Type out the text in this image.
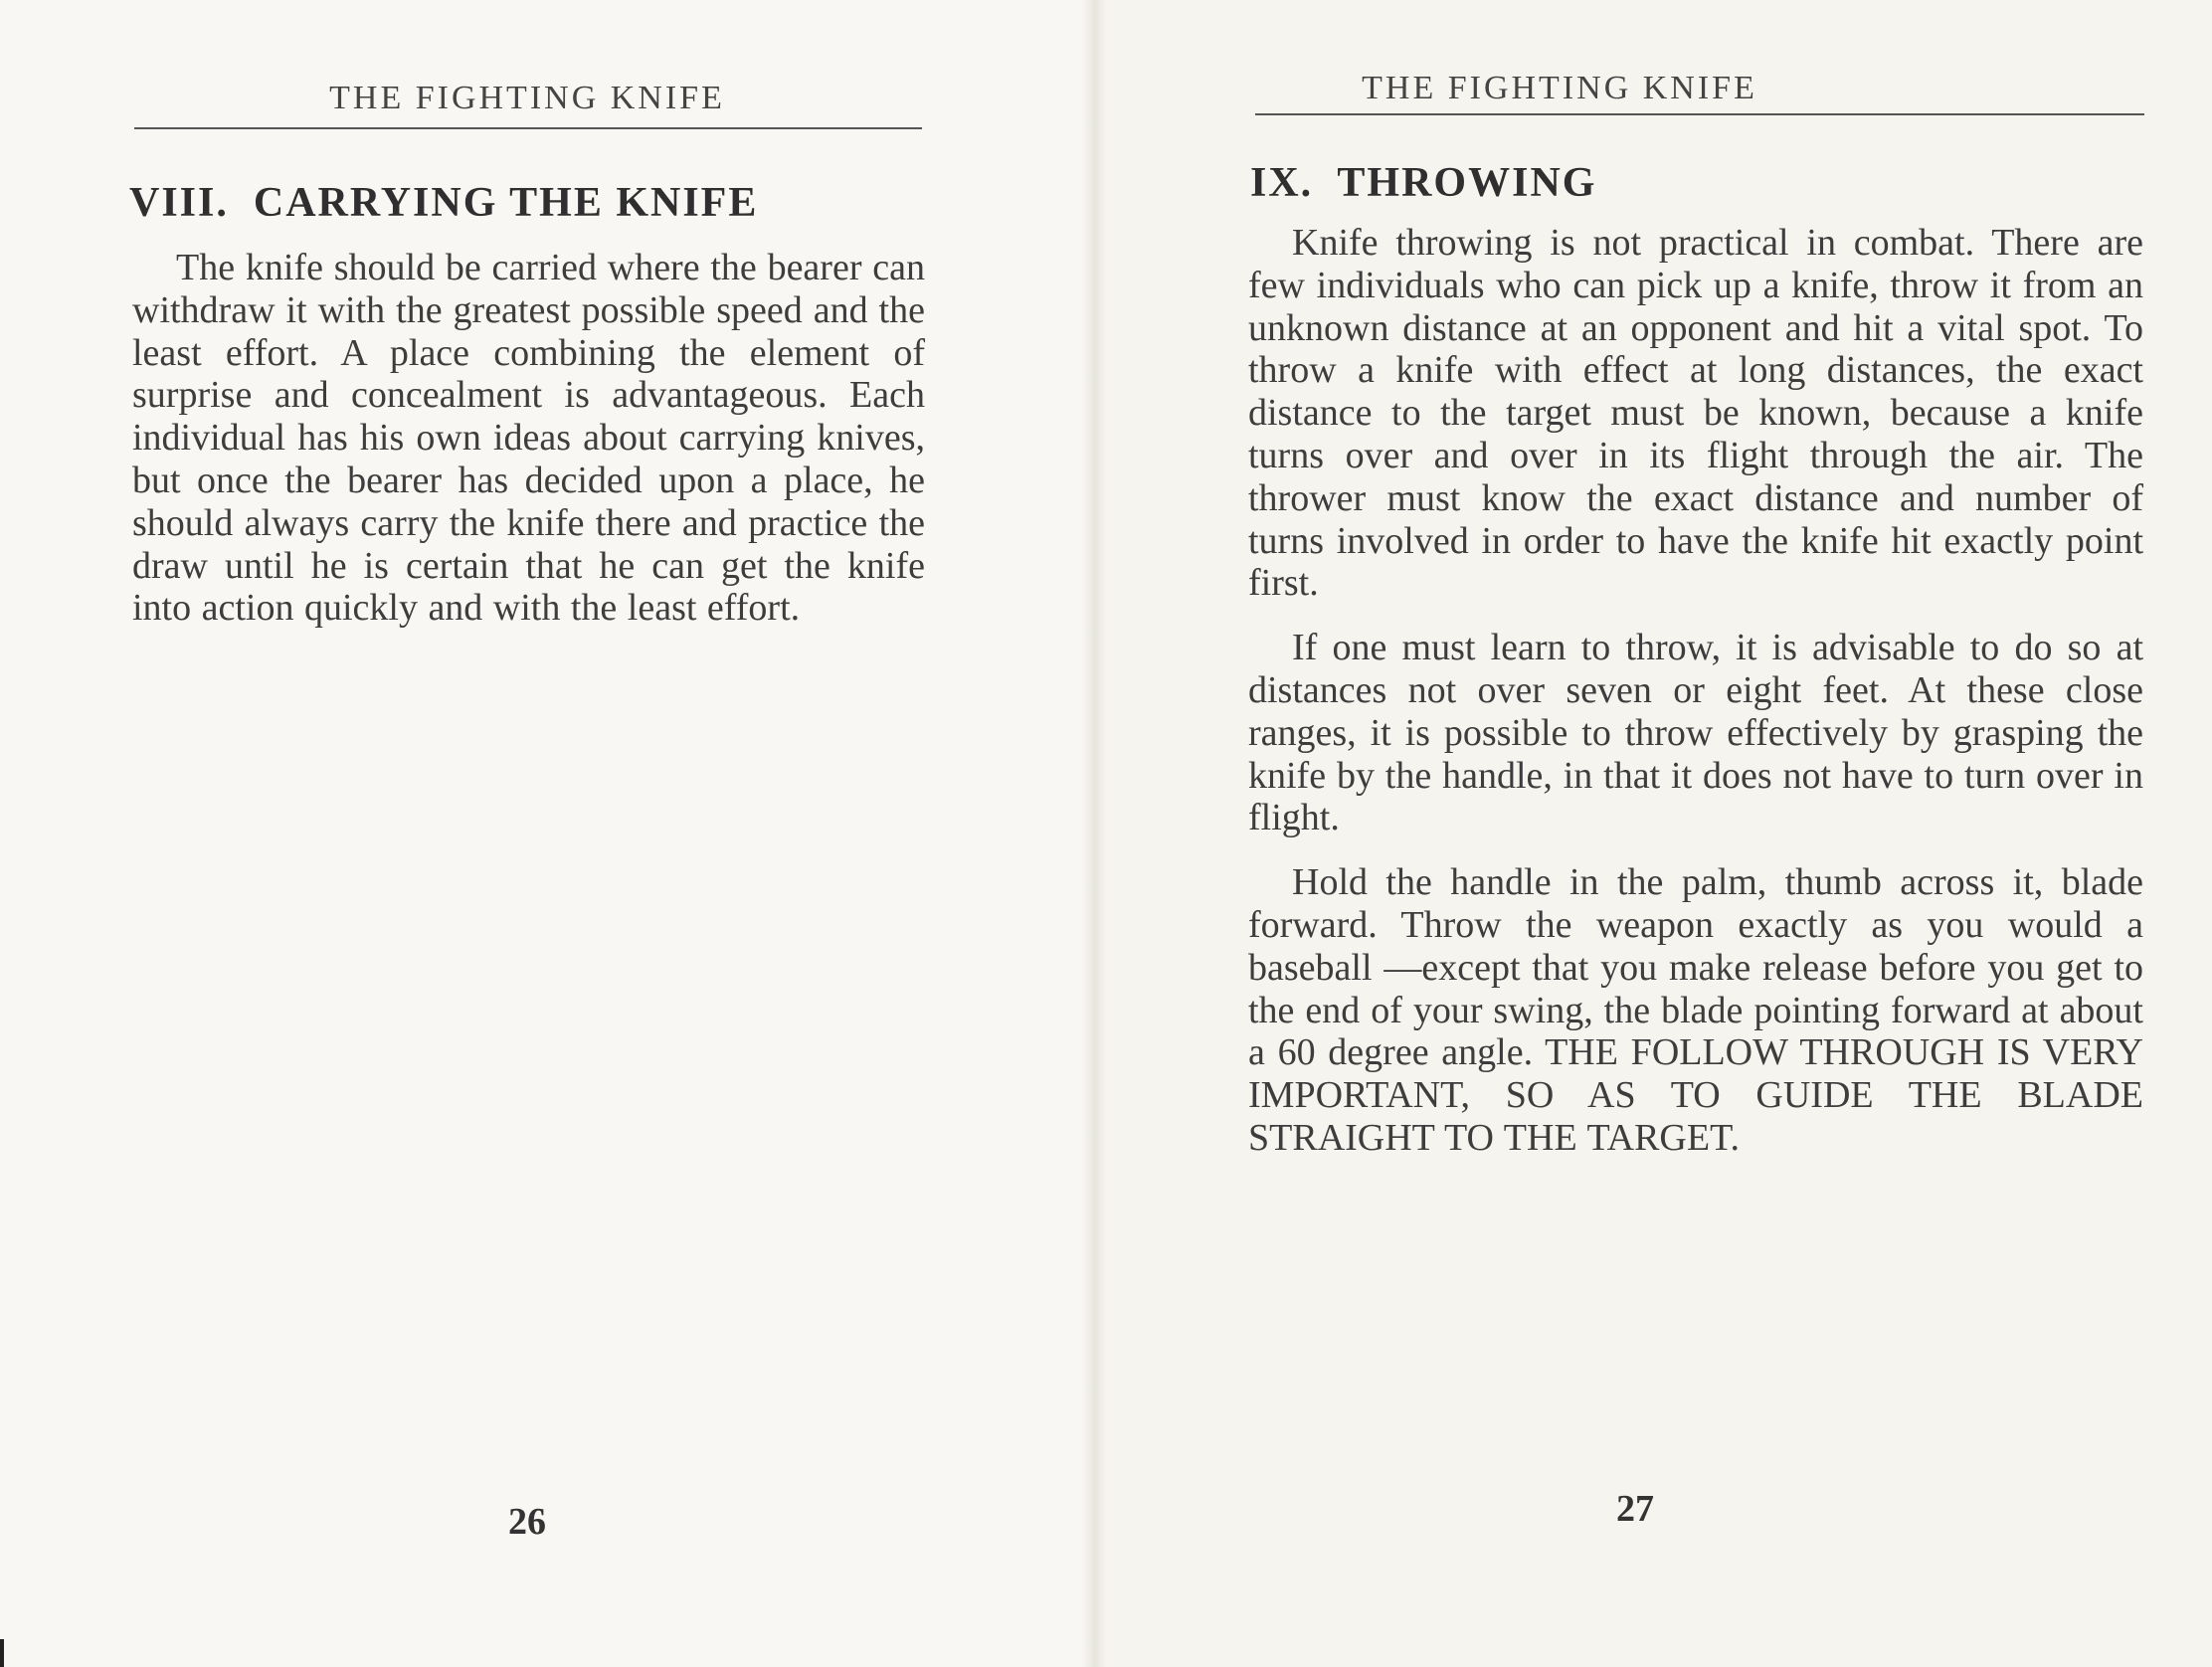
THE FIGHTING KNIFE
VIII.  CARRYING THE KNIFE

The knife should be carried where the bearer can withdraw it with the greatest possible speed and the least effort. A place combining the element of surprise and concealment is advantageous. Each individual has his own ideas about carrying knives, but once the bearer has decided upon a place, he should always carry the knife there and practice the draw until he is certain that he can get the knife into action quickly and with the least effort.

26
THE FIGHTING KNIFE
IX.  THROWING

Knife throwing is not practical in combat. There are few individuals who can pick up a knife, throw it from an unknown distance at an opponent and hit a vital spot. To throw a knife with effect at long distances, the exact distance to the target must be known, because a knife turns over and over in its flight through the air. The thrower must know the exact distance and number of turns involved in order to have the knife hit exactly point first.

If one must learn to throw, it is advisable to do so at distances not over seven or eight feet. At these close ranges, it is possible to throw effectively by grasping the knife by the handle, in that it does not have to turn over in flight.

Hold the handle in the palm, thumb across it, blade forward. Throw the weapon exactly as you would a baseball —except that you make release before you get to the end of your swing, the blade pointing forward at about a 60 degree angle. THE FOLLOW THROUGH IS VERY IMPORTANT, SO AS TO GUIDE THE BLADE STRAIGHT TO THE TARGET.

27
